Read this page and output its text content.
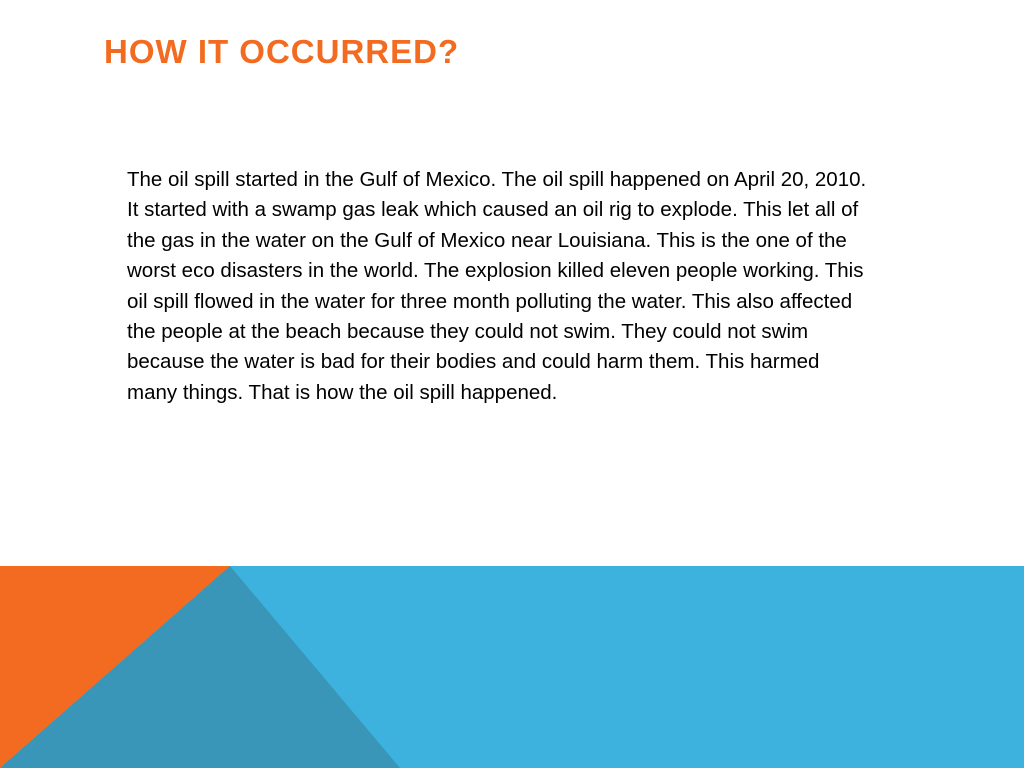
HOW IT OCCURRED?

The oil spill started in the Gulf of Mexico. The oil spill happened on April 20, 2010. It started with a swamp gas leak which caused an oil rig to explode. This let all of the gas in the water on the Gulf of Mexico near Louisiana. This is the one of the worst eco disasters in the world. The explosion killed eleven people working. This oil spill flowed in the water for three month polluting the water. This also affected the people at the beach because they could not swim. They could not swim because the water is bad for their bodies and could harm them. This harmed many things. That is how the oil spill happened.
